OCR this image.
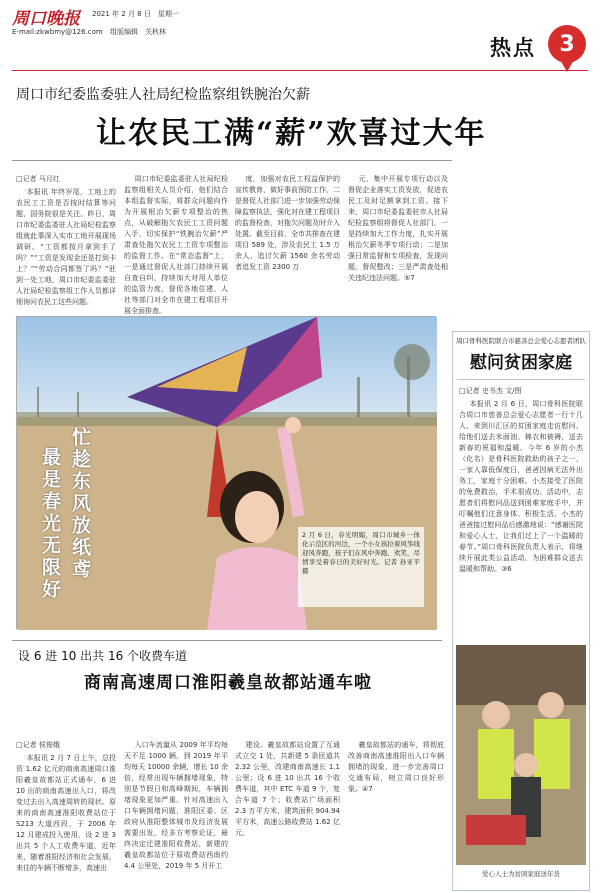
周口晚报 2021 年 2 月 8 日　星期一
E-mail:zkwbmy@126.com 组版编辑　关秋林
热点	3
周口市纪委监委驻人社局纪检监察组铁腕治欠薪
让农民工满“薪”欢喜过大年
□记者 马月红

本报讯 年终岁尾，工地上的农民工工资是否按时结算等问题，国务院很是关注。昨日，周口市纪委监委驻人社局纪检监察组就此事深入实市工地开展现场调研。“工资都按月拿到手了吗？”“工资是发现金还是打到卡上？”“劳动合同都签了吗？”驻到一处工地，周口市纪委监委驻人社局纪检监察组工作人员都详细询问农民工这些问题。

周口市纪委监委驻人社局纪检监察组相关人员介绍，他们结合本组监督实际，将群众问题向作为开展根治欠薪专项整治的焦点，从破解拖欠农民工工资问题入手，切实保护“铁腕治欠薪”严肃查处拖欠农民工工资专项整治的监督工作。在“常态监督”上，一是通过督促人社部门持续开展自查自纠，持续加大对用人单位的监管力度，督促各地住建、人社等部门对全市在建工程项目开展全面排查。

度，加强对农民工权益保护的宣传教育，做好事前预防工作。二是督促人社部门进一步加强劳动保障监察执法，强化对在建工程项目的监督检查，对拖欠问题及时介入处置。截至目前，全市共排查在建项目 589 处，涉及农民工 1.5 万余人，追讨欠薪 1560 余名劳动者追发工资 2300 万

元，集中开展专项行动以及督促企业落实工资发放，促进农民工及时足额拿到工资。接下来，周口市纪委监委驻市人社局纪检监察组将督促人社部门，一是持续加大工作力度，扎实开展根治欠薪冬季专项行动；二是加强日常监督和专项检查，发现问题，督促整改；三是严肃查处相关违纪违法问题。⑤7

忙趁东风放纸鸢
最是春光无限好	2 月 6 日，春光明媚，周口市城乡一体化示范区的河边，一个小女孩拉着风筝线迎风奔跑，孩子们在风中奔跑、欢笑，尽情享受着春日的美好时光。记者 孙亚平 摄
周口骨科医院联合市慈善总会爱心志愿者团队
慰问贫困家庭
□记者 史书杰 文/图

本报讯 2 月 6 日，周口骨科医院联合周口市慈善总会爱心志愿者一行十几人，来到川汇区的贫困家庭走访慰问，给他们送去米面油、棉衣和被褥，送去新春的祝福和温暖。今年 6 岁的小杰（化名）是骨科医院救助的孩子之一，一家人靠低保度日，爸爸因病无法外出务工，家庭十分困难。小杰接受了医院的免费救治，手术很成功。活动中，志愿者们将慰问品送到困难家庭手中，并叮嘱他们注意身体、积极生活。小杰的爸爸接过慰问品后感激地说：“感谢医院和爱心人士，让我们过上了一个温暖的春节。”周口骨科医院负责人表示，将继续开展此类公益活动，为困难群众送去温暖和帮助。③6

爱心人士为贫困家庭送年货
设 6 进 10 出共 16 个收费车道
商南高速周口淮阳羲皇故都站通车啦
□记者 侯俊娥

本报讯 2 月 7 日上午，总投资 1.62 亿元的商南高速周口淮阳羲皇故都站正式通车，6 进 10 出的商南高速出入口，将改变过去出入高速周转的现状。原来的商南高速淮阳收费站位于 S213 大道西段，于 2006 年 12 月建成投入使用，设 2 进 3 出共 5 个人工收费车道，近年来，随着淮阳经济和社会发展，来往的车辆不断增多，高速出

入口车流量从 2009 年平均每天不足 1000 辆，到 2019 年平均每天 10000 余辆，增长 10 余倍，经常出现车辆拥堵现象，特别是节假日和高峰期间，车辆拥堵现象更加严重。针对高速出入口车辆拥堵问题，淮阳区委、区政府从淮阳整体城市及经济发展需要出发，经多方考察论证，最终决定迁建淮阳收费站，新建的羲皇故都站位于原收费站西南约 4.4 公里处，2019 年 5 月开工

建设。羲皇故都站设置了互通式立交 1 处，共新建 5 条匝道共 2.32 公里，改建商南高速长 1.1 公里；设 6 进 10 出共 16 个收费车道，其中 ETC 车道 9 个，复合车道 7 个；收费站广场面积 2.3 万平方米，建筑面积 904.94 平方米，高速公路收费站 1.62 亿元。

羲皇故都站的通车，将彻底改善商南高速淮阳出入口车辆拥堵的现象，进一步完善周口交通布局，树立周口良好形象。④7
